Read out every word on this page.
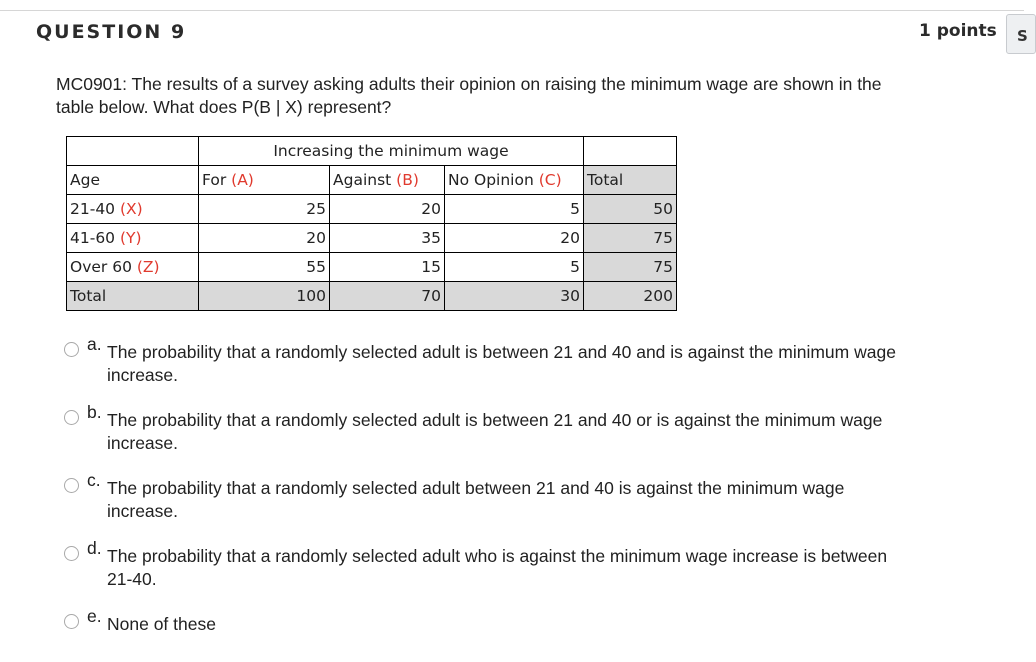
QUESTION 9	1 points	S
MC0901: The results of a survey asking adults their opinion on raising the minimum wage are shown in the table below. What does P(B | X) represent?
	Increasing the minimum wage			
Age	For (A)	Against (B)	No Opinion (C)	Total
21-40 (X)	25	20	5	50
41-60 (Y)	20	35	20	75
Over 60 (Z)	55	15	5	75
Total	100	70	30	200
a. The probability that a randomly selected adult is between 21 and 40 and is against the minimum wage increase.
b. The probability that a randomly selected adult is between 21 and 40 or is against the minimum wage increase.
c. The probability that a randomly selected adult between 21 and 40 is against the minimum wage increase.
d. The probability that a randomly selected adult who is against the minimum wage increase is between 21-40.
e. None of these
